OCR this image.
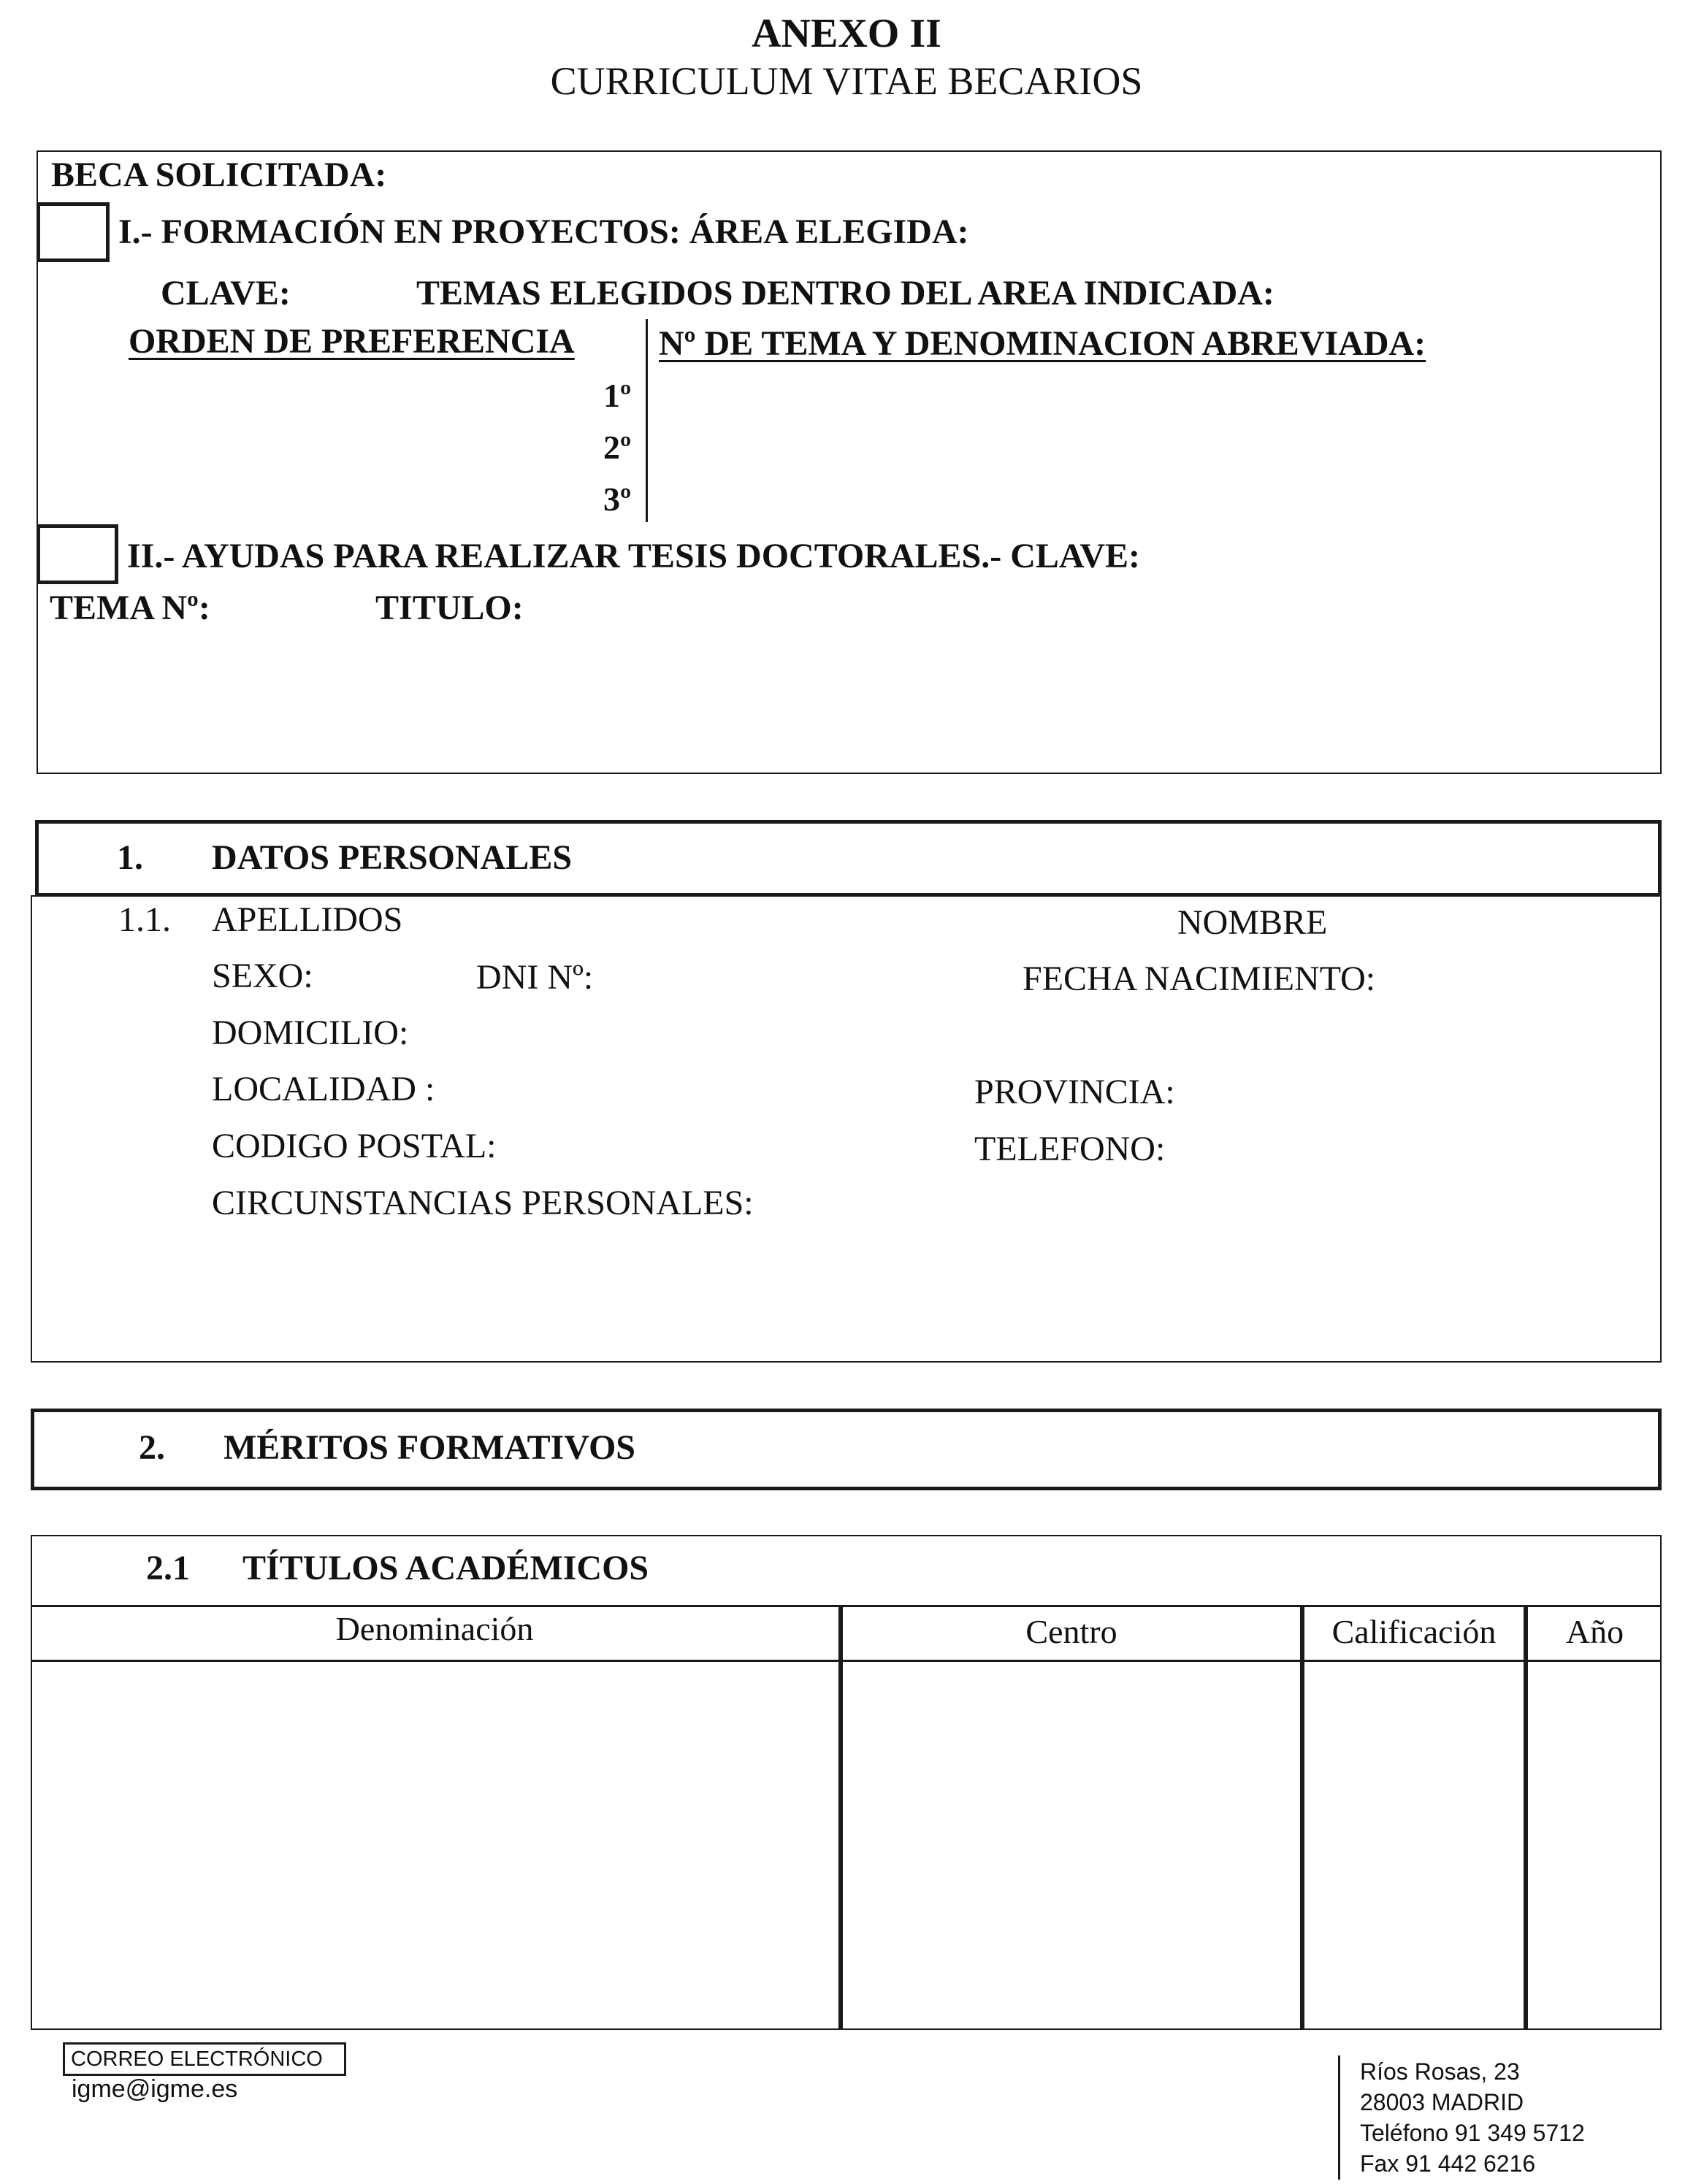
ANEXO II
CURRICULUM VITAE BECARIOS
BECA SOLICITADA:
I.- FORMACIÓN EN PROYECTOS: ÁREA ELEGIDA:
CLAVE:	TEMAS ELEGIDOS DENTRO DEL AREA INDICADA:
ORDEN DE PREFERENCIA Nº DE TEMA Y DENOMINACION ABREVIADA:
1º
2º
3º
II.- AYUDAS PARA REALIZAR TESIS DOCTORALES.- CLAVE:
TEMA Nº:	TITULO:
1. DATOS PERSONALES
1.1. APELLIDOS	NOMBRE
SEXO:	DNI Nº:	FECHA NACIMIENTO:
DOMICILIO:
LOCALIDAD :	PROVINCIA:
CODIGO POSTAL:	TELEFONO:
CIRCUNSTANCIAS PERSONALES:
2. MÉRITOS FORMATIVOS
2.1 TÍTULOS ACADÉMICOS
Denominación	Centro	Calificación	Año
CORREO ELECTRÓNICO
igme@igme.es
Ríos Rosas, 23
28003 MADRID
Teléfono 91 349 5712
Fax 91 442 6216
